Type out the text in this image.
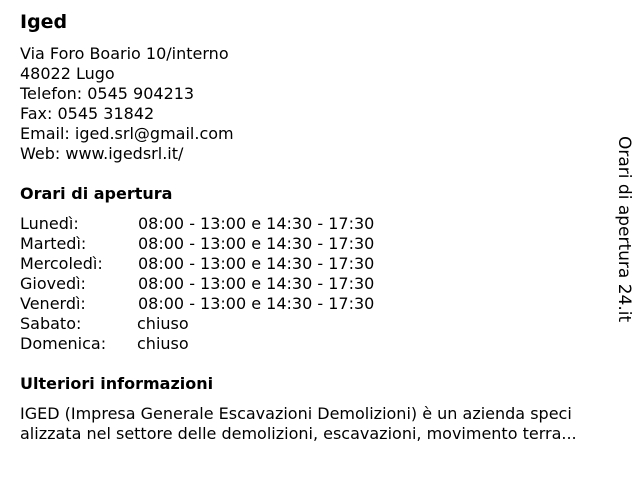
Iged
Via Foro Boario 10/interno
48022 Lugo
Telefon: 0545 904213
Fax: 0545 31842
Email: iged.srl@gmail.com
Web: www.igedsrl.it/
Orari di apertura
Lunedì:	08:00 - 13:00 e 14:30 - 17:30
Martedì:	08:00 - 13:00 e 14:30 - 17:30
Mercoledì: 08:00 - 13:00 e 14:30 - 17:30
Giovedì:	08:00 - 13:00 e 14:30 - 17:30
Venerdì:	08:00 - 13:00 e 14:30 - 17:30
Sabato:	chiuso
Domenica: chiuso
Ulteriori informazioni

IGED (Impresa Generale Escavazioni Demolizioni) è un azienda speci
alizzata nel settore delle demolizioni, escavazioni, movimento terra...

Orari di apertura 24.it
